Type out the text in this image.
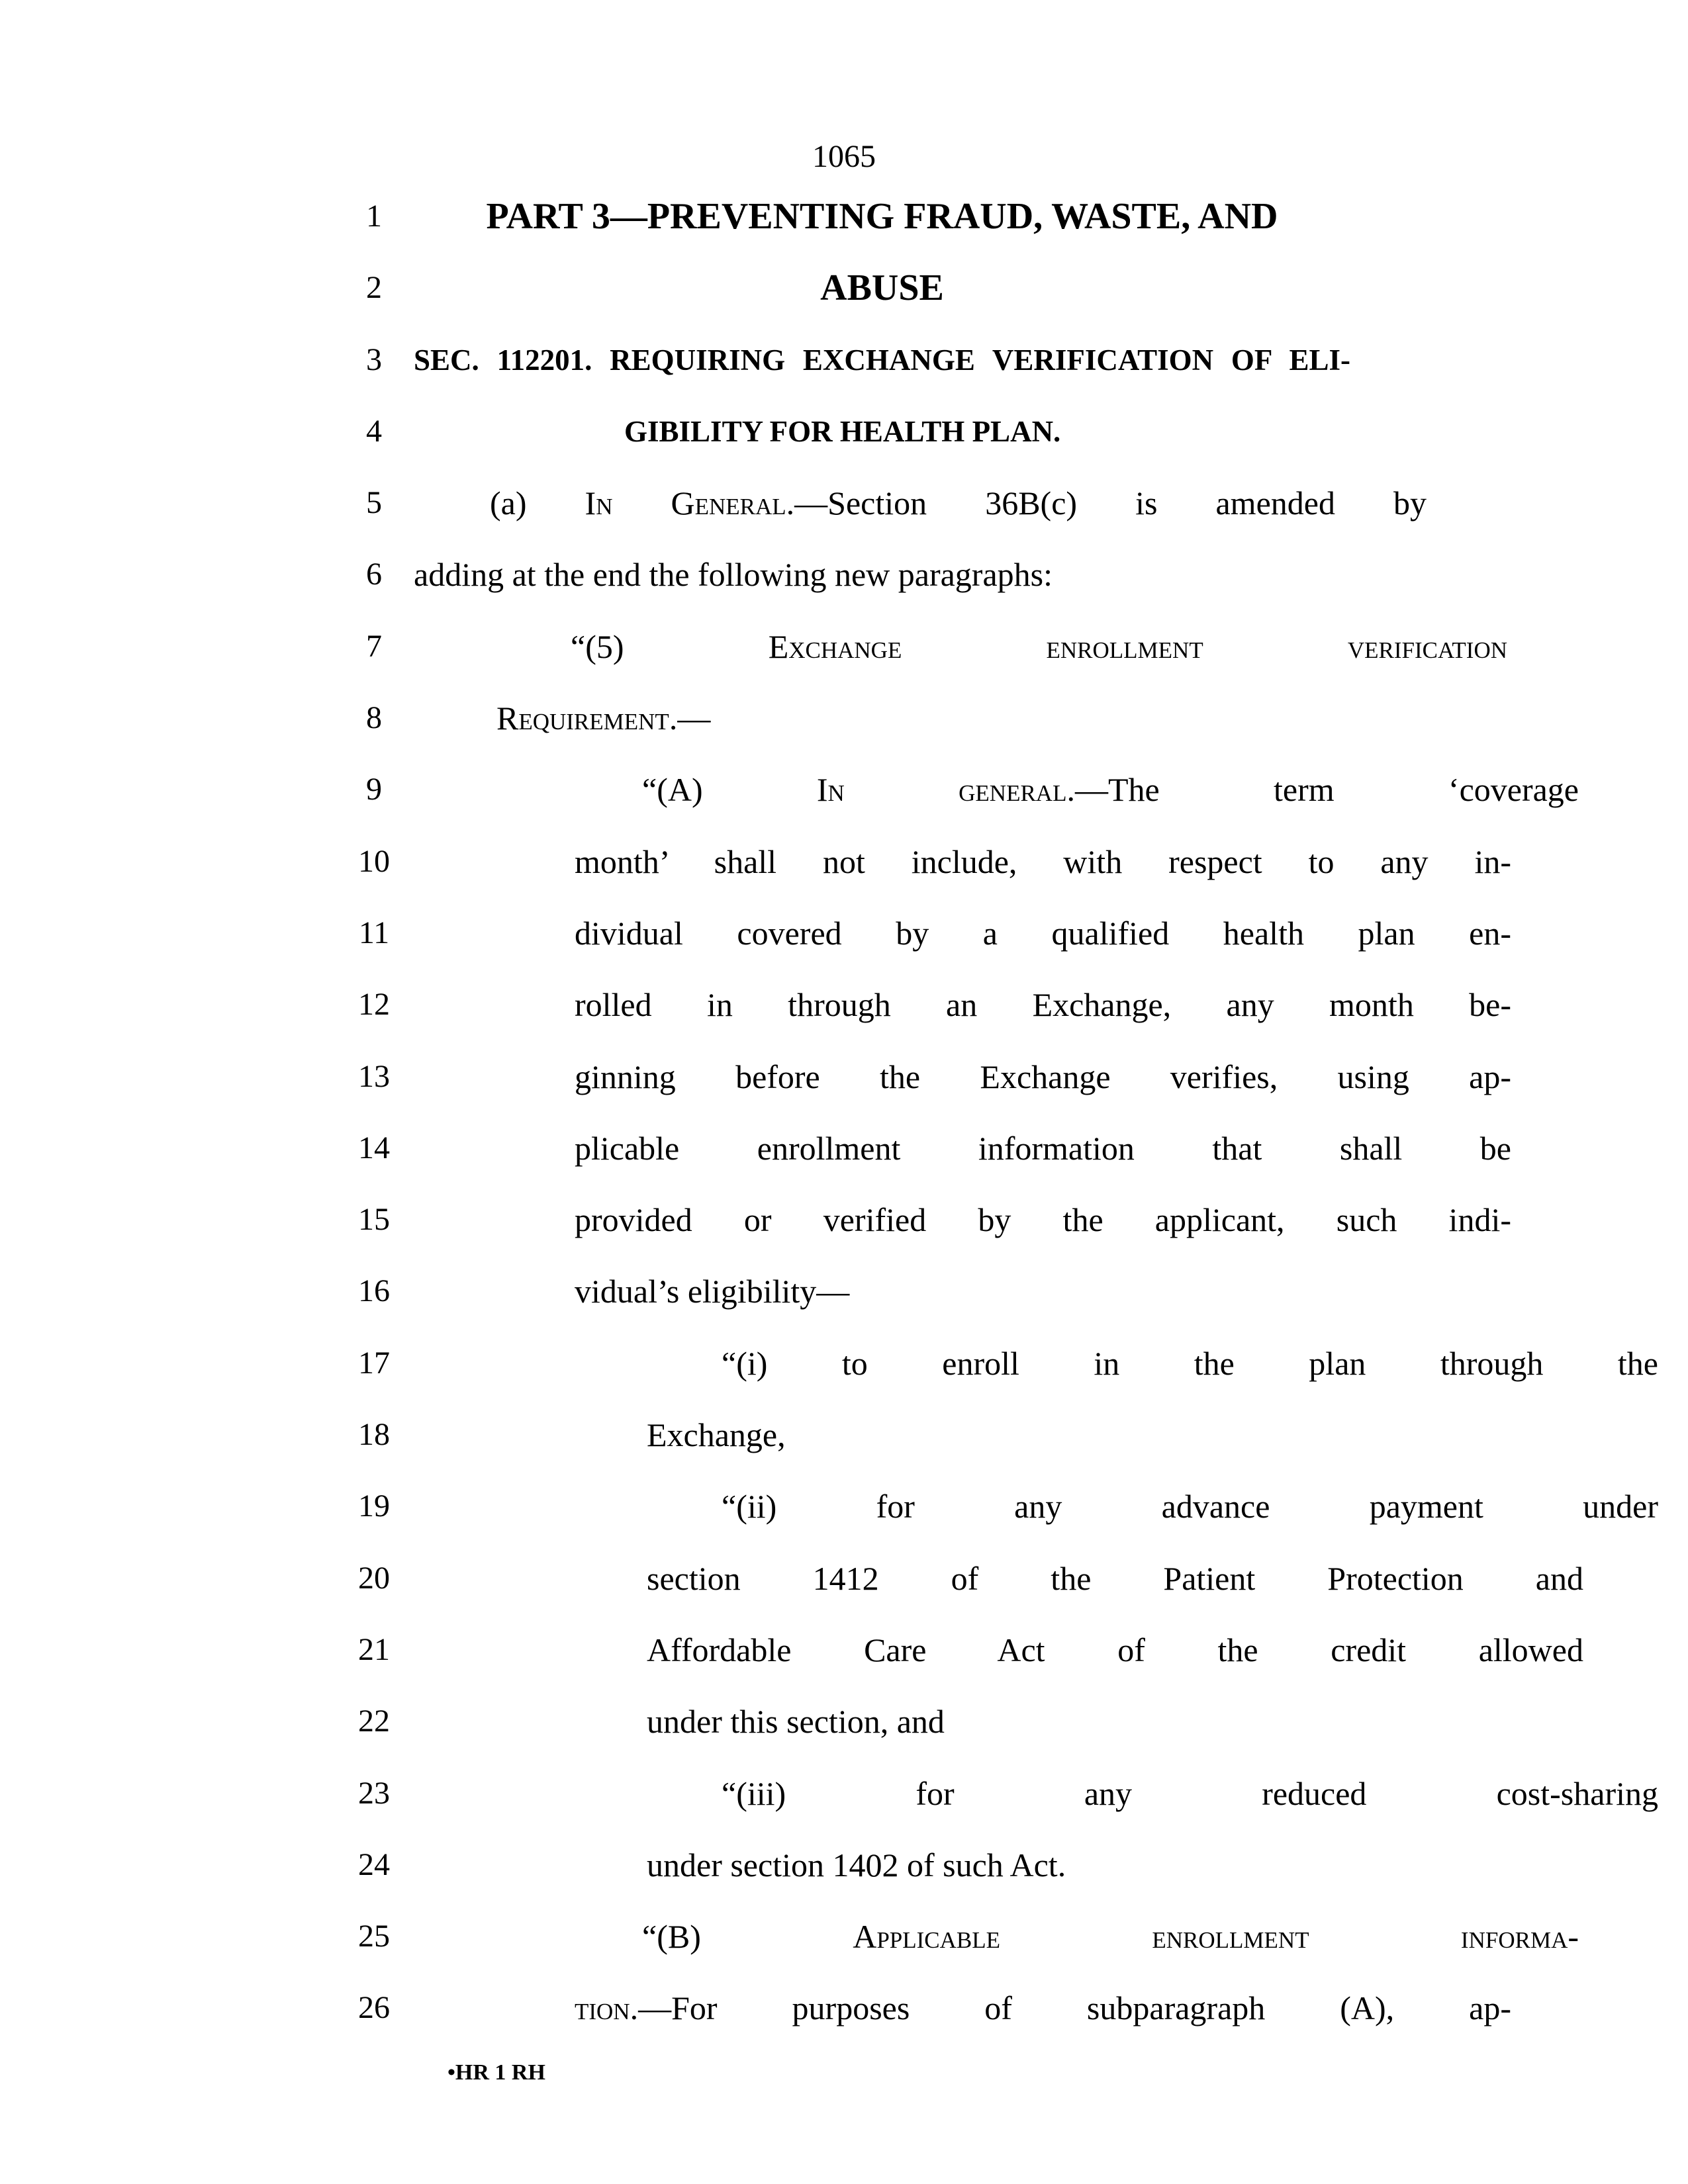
1065
1	PART 3—PREVENTING FRAUD, WASTE, AND
2	ABUSE
3	SEC. 112201. REQUIRING EXCHANGE VERIFICATION OF ELI-
4	GIBILITY FOR HEALTH PLAN.
5	(a) In General.—Section 36B(c) is amended by
6 adding at the end the following new paragraphs:
7	“(5) Exchange enrollment verification
8	Requirement.—
9	“(A) In general.—The term ‘coverage
10	month’ shall not include, with respect to any in-
11	dividual covered by a qualified health plan en-
12	rolled in through an Exchange, any month be-
13	ginning before the Exchange verifies, using ap-
14	plicable enrollment information that shall be
15	provided or verified by the applicant, such indi-
16	vidual’s eligibility—
17	“(i) to enroll in the plan through the
18	Exchange,
19	“(ii) for any advance payment under
20	section 1412 of the Patient Protection and
21	Affordable Care Act of the credit allowed
22	under this section, and
23	“(iii) for any reduced cost-sharing
24	under section 1402 of such Act.
25	“(B) Applicable enrollment informa-
26	tion.—For purposes of subparagraph (A), ap-
•HR 1 RH
